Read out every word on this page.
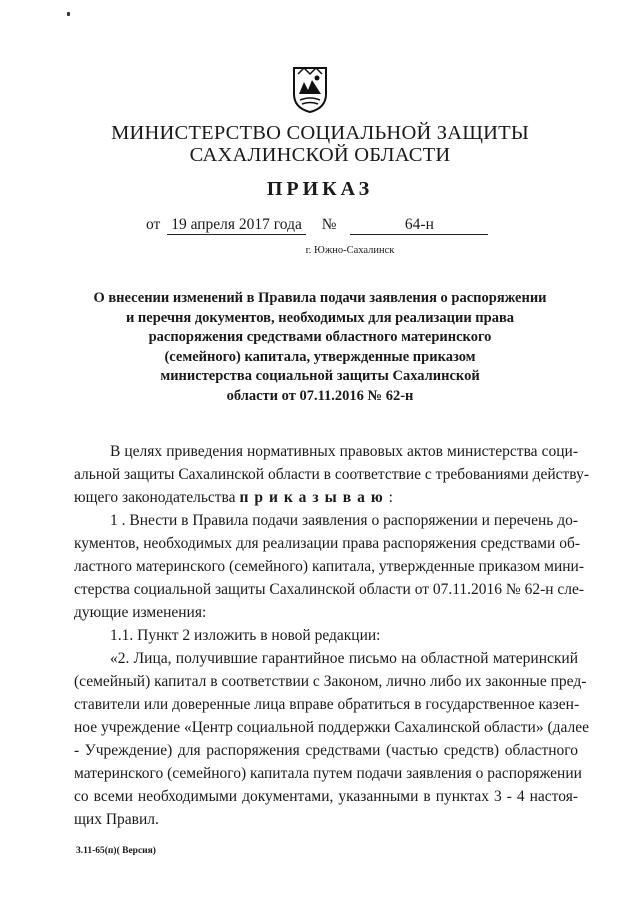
МИНИСТЕРСТВО СОЦИАЛЬНОЙ ЗАЩИТЫ
САХАЛИНСКОЙ ОБЛАСТИ
ПРИКАЗ
от 19 апреля 2017 года №	64-н
г. Южно-Сахалинск
О внесении изменений в Правила подачи заявления о распоряжении
и перечня документов, необходимых для реализации права
распоряжения средствами областного материнского
(семейного) капитала, утвержденные приказом
министерства социальной защиты Сахалинской
области от 07.11.2016 № 62-н
В целях приведения нормативных правовых актов министерства соци-
альной защиты Сахалинской области в соответствие с требованиями действу-
ющего законодательства приказываю:
1 . Внести в Правила подачи заявления о распоряжении и перечень до-
кументов, необходимых для реализации права распоряжения средствами об-
ластного материнского (семейного) капитала, утвержденные приказом мини-
стерства социальной защиты Сахалинской области от 07.11.2016 № 62-н сле-
дующие изменения:
1.1. Пункт 2 изложить в новой редакции:
«2. Лица, получившие гарантийное письмо на областной материнский
(семейный) капитал в соответствии с Законом, лично либо их законные пред-
ставители или доверенные лица вправе обратиться в государственное казен-
ное учреждение «Центр социальной поддержки Сахалинской области» (далее
- Учреждение) для распоряжения средствами (частью средств) областного
материнского (семейного) капитала путем подачи заявления о распоряжении
со всеми необходимыми документами, указанными в пунктах 3 - 4 настоя-
щих Правил.
3.11-65(п)( Версия)
